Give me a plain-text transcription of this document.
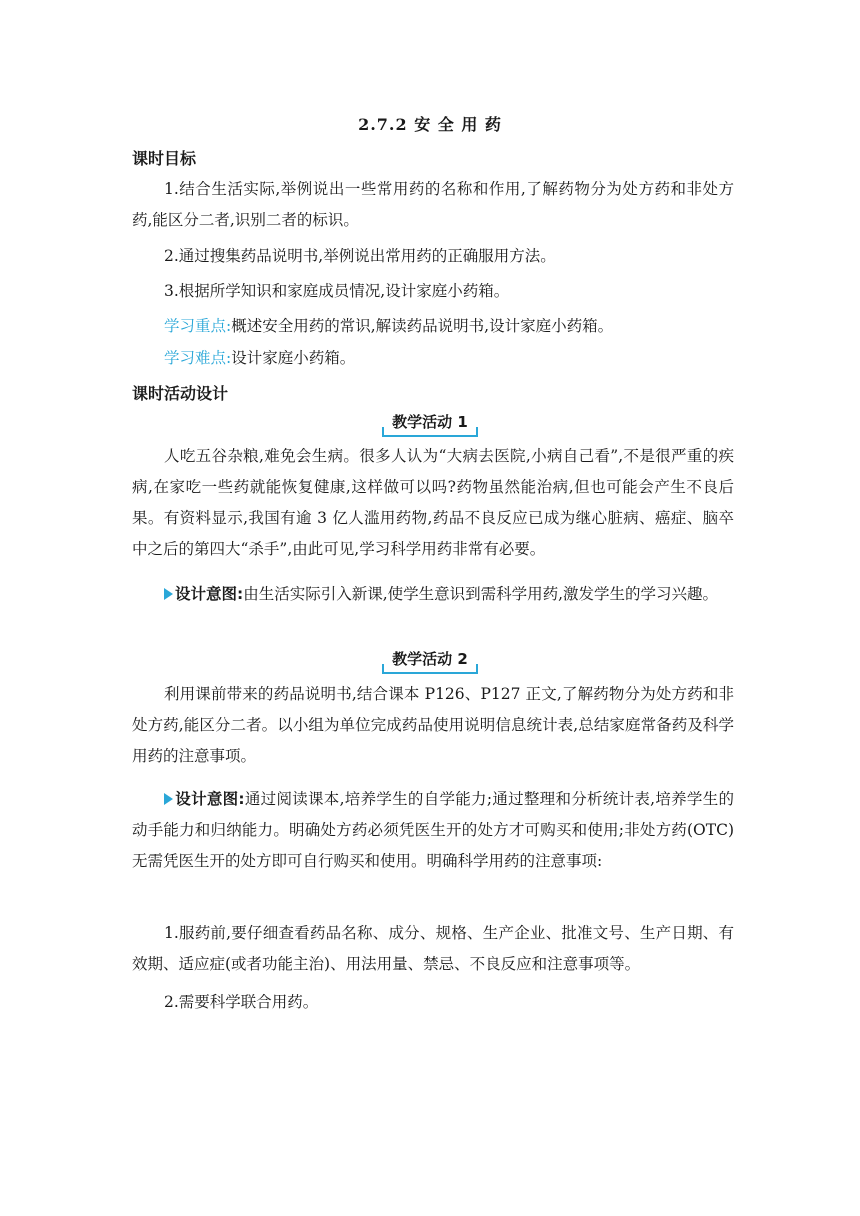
2.7.2 安 全 用 药
课时目标

1.结合生活实际,举例说出一些常用药的名称和作用,了解药物分为处方药和非处方药,能区分二者,识别二者的标识。

2.通过搜集药品说明书,举例说出常用药的正确服用方法。
3.根据所学知识和家庭成员情况,设计家庭小药箱。
学习重点:概述安全用药的常识,解读药品说明书,设计家庭小药箱。
学习难点:设计家庭小药箱。
课时活动设计
教学活动 1

人吃五谷杂粮,难免会生病。很多人认为“大病去医院,小病自己看”,不是很严重的疾病,在家吃一些药就能恢复健康,这样做可以吗?药物虽然能治病,但也可能会产生不良后果。有资料显示,我国有逾 3 亿人滥用药物,药品不良反应已成为继心脏病、癌症、脑卒中之后的第四大“杀手”,由此可见,学习科学用药非常有必要。

设计意图:由生活实际引入新课,使学生意识到需科学用药,激发学生的学习兴趣。

教学活动 2

利用课前带来的药品说明书,结合课本 P126、P127 正文,了解药物分为处方药和非处方药,能区分二者。以小组为单位完成药品使用说明信息统计表,总结家庭常备药及科学用药的注意事项。

设计意图:通过阅读课本,培养学生的自学能力;通过整理和分析统计表,培养学生的动手能力和归纳能力。明确处方药必须凭医生开的处方才可购买和使用;非处方药(OTC)无需凭医生开的处方即可自行购买和使用。明确科学用药的注意事项:

1.服药前,要仔细查看药品名称、成分、规格、生产企业、批准文号、生产日期、有效期、适应症(或者功能主治)、用法用量、禁忌、不良反应和注意事项等。

2.需要科学联合用药。
